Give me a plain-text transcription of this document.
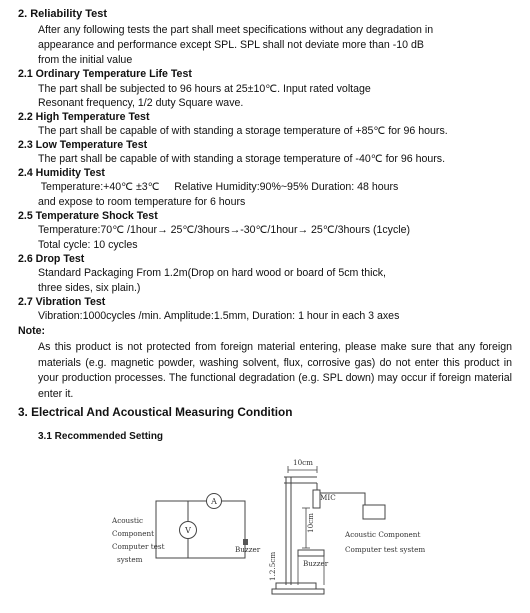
2. Reliability Test
After any following tests the part shall meet specifications without any degradation in
appearance and performance except SPL. SPL shall not deviate more than -10 dB
from the initial value
2.1 Ordinary Temperature Life Test
The part shall be subjected to 96 hours at 25±10℃. Input rated voltage
Resonant frequency, 1/2 duty Square wave.
2.2 High Temperature Test
The part shall be capable of with standing a storage temperature of +85℃ for 96 hours.
2.3 Low Temperature Test
The part shall be capable of with standing a storage temperature of -40℃ for 96 hours.
2.4 Humidity Test
Temperature:+40℃ ±3℃     Relative Humidity:90%~95% Duration: 48 hours
and expose to room temperature for 6 hours
2.5 Temperature Shock Test
Temperature:70℃ /1hour→ 25℃/3hours→-30℃/1hour→ 25℃/3hours (1cycle)
Total cycle: 10 cycles
2.6 Drop Test
Standard Packaging From 1.2m(Drop on hard wood or board of 5cm thick,
three sides, six plain.)
2.7 Vibration Test
Vibration:1000cycles /min. Amplitude:1.5mm, Duration: 1 hour in each 3 axes
Note:
As this product is not protected from foreign material entering, please make sure that any foreign materials (e.g. magnetic powder, washing solvent, flux, corrosive gas) do not enter this product in your production processes. The functional degradation (e.g. SPL down) may occur if foreign material enter it.
3. Electrical And Acoustical Measuring Condition
3.1 Recommended Setting
Acoustic
Component
Computer test
system
A
V
Buzzer
10cm
MIC
10cm
Buzzer
1.2.5cm
Acoustic Component
Computer test system
